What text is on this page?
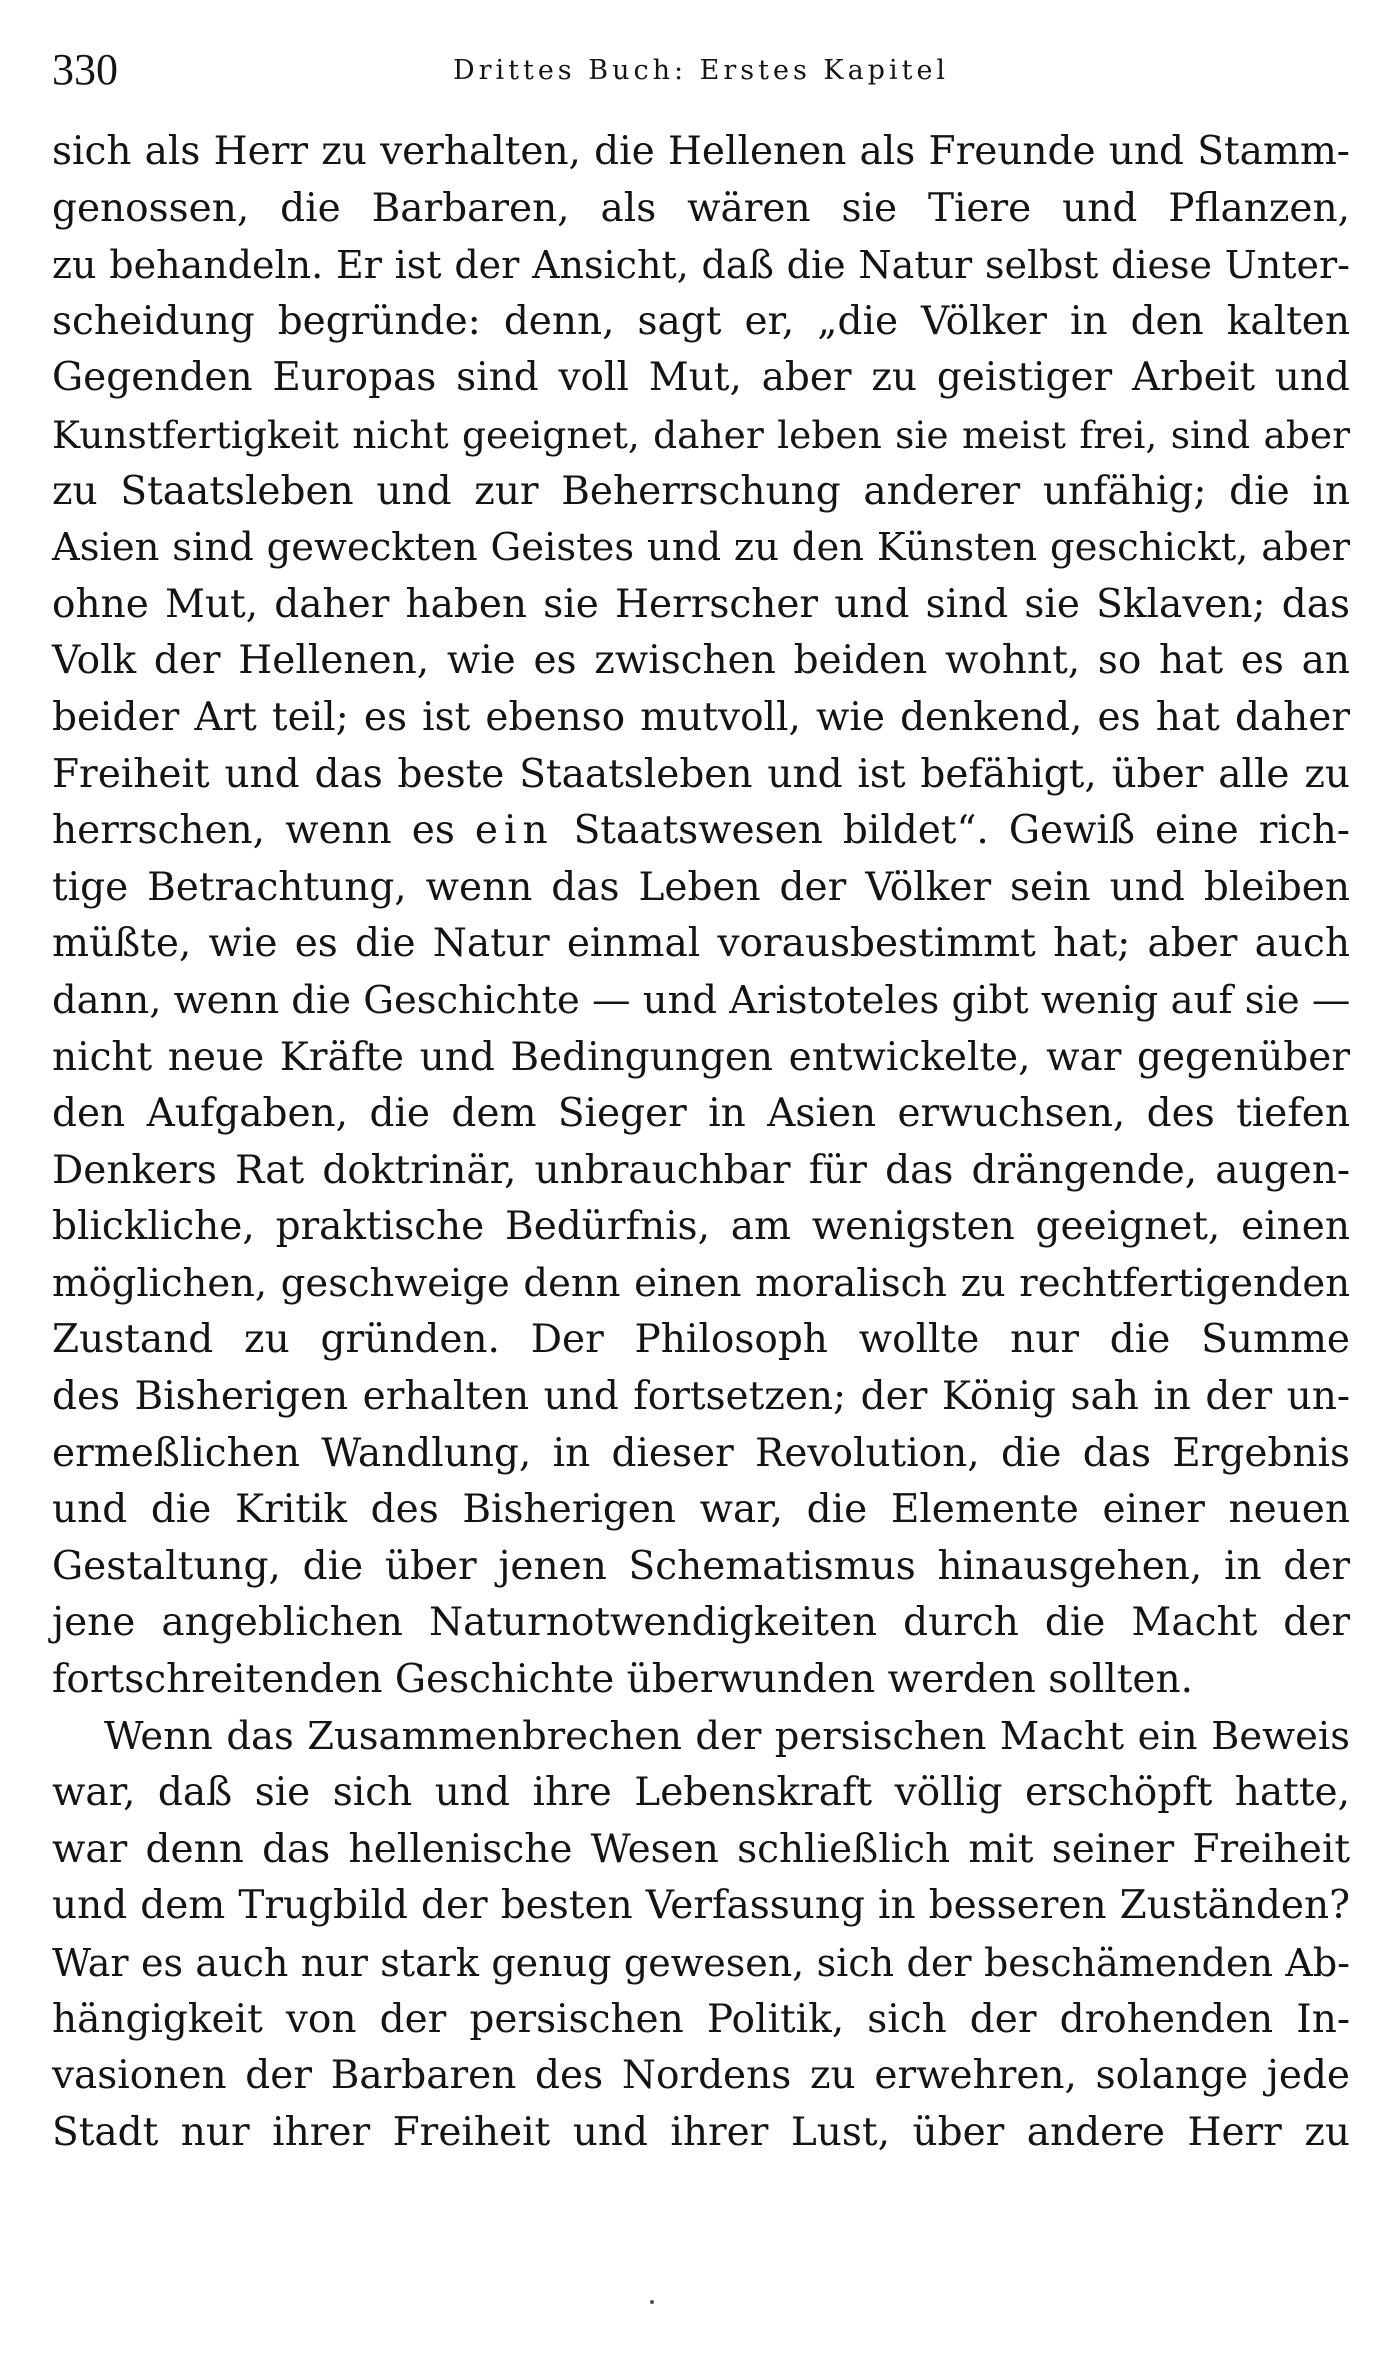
330	Drittes Buch: Erstes Kapitel
sich als Herr zu verhalten, die Hellenen als Freunde und Stamm-
genossen, die Barbaren, als wären sie Tiere und Pflanzen,
zu behandeln. Er ist der Ansicht, daß die Natur selbst diese Unter-
scheidung begründe: denn, sagt er, „die Völker in den kalten
Gegenden Europas sind voll Mut, aber zu geistiger Arbeit und
Kunstfertigkeit nicht geeignet, daher leben sie meist frei, sind aber
zu Staatsleben und zur Beherrschung anderer unfähig; die in
Asien sind geweckten Geistes und zu den Künsten geschickt, aber
ohne Mut, daher haben sie Herrscher und sind sie Sklaven; das
Volk der Hellenen, wie es zwischen beiden wohnt, so hat es an
beider Art teil; es ist ebenso mutvoll, wie denkend, es hat daher
Freiheit und das beste Staatsleben und ist befähigt, über alle zu
herrschen, wenn es ein Staatswesen bildet“. Gewiß eine rich-
tige Betrachtung, wenn das Leben der Völker sein und bleiben
müßte, wie es die Natur einmal vorausbestimmt hat; aber auch
dann, wenn die Geschichte — und Aristoteles gibt wenig auf sie —
nicht neue Kräfte und Bedingungen entwickelte, war gegenüber
den Aufgaben, die dem Sieger in Asien erwuchsen, des tiefen
Denkers Rat doktrinär, unbrauchbar für das drängende, augen-
blickliche, praktische Bedürfnis, am wenigsten geeignet, einen
möglichen, geschweige denn einen moralisch zu rechtfertigenden
Zustand zu gründen. Der Philosoph wollte nur die Summe
des Bisherigen erhalten und fortsetzen; der König sah in der un-
ermeßlichen Wandlung, in dieser Revolution, die das Ergebnis
und die Kritik des Bisherigen war, die Elemente einer neuen
Gestaltung, die über jenen Schematismus hinausgehen, in der
jene angeblichen Naturnotwendigkeiten durch die Macht der
fortschreitenden Geschichte überwunden werden sollten.
Wenn das Zusammenbrechen der persischen Macht ein Beweis
war, daß sie sich und ihre Lebenskraft völlig erschöpft hatte,
war denn das hellenische Wesen schließlich mit seiner Freiheit
und dem Trugbild der besten Verfassung in besseren Zuständen?
War es auch nur stark genug gewesen, sich der beschämenden Ab-
hängigkeit von der persischen Politik, sich der drohenden In-
vasionen der Barbaren des Nordens zu erwehren, solange jede
Stadt nur ihrer Freiheit und ihrer Lust, über andere Herr zu
